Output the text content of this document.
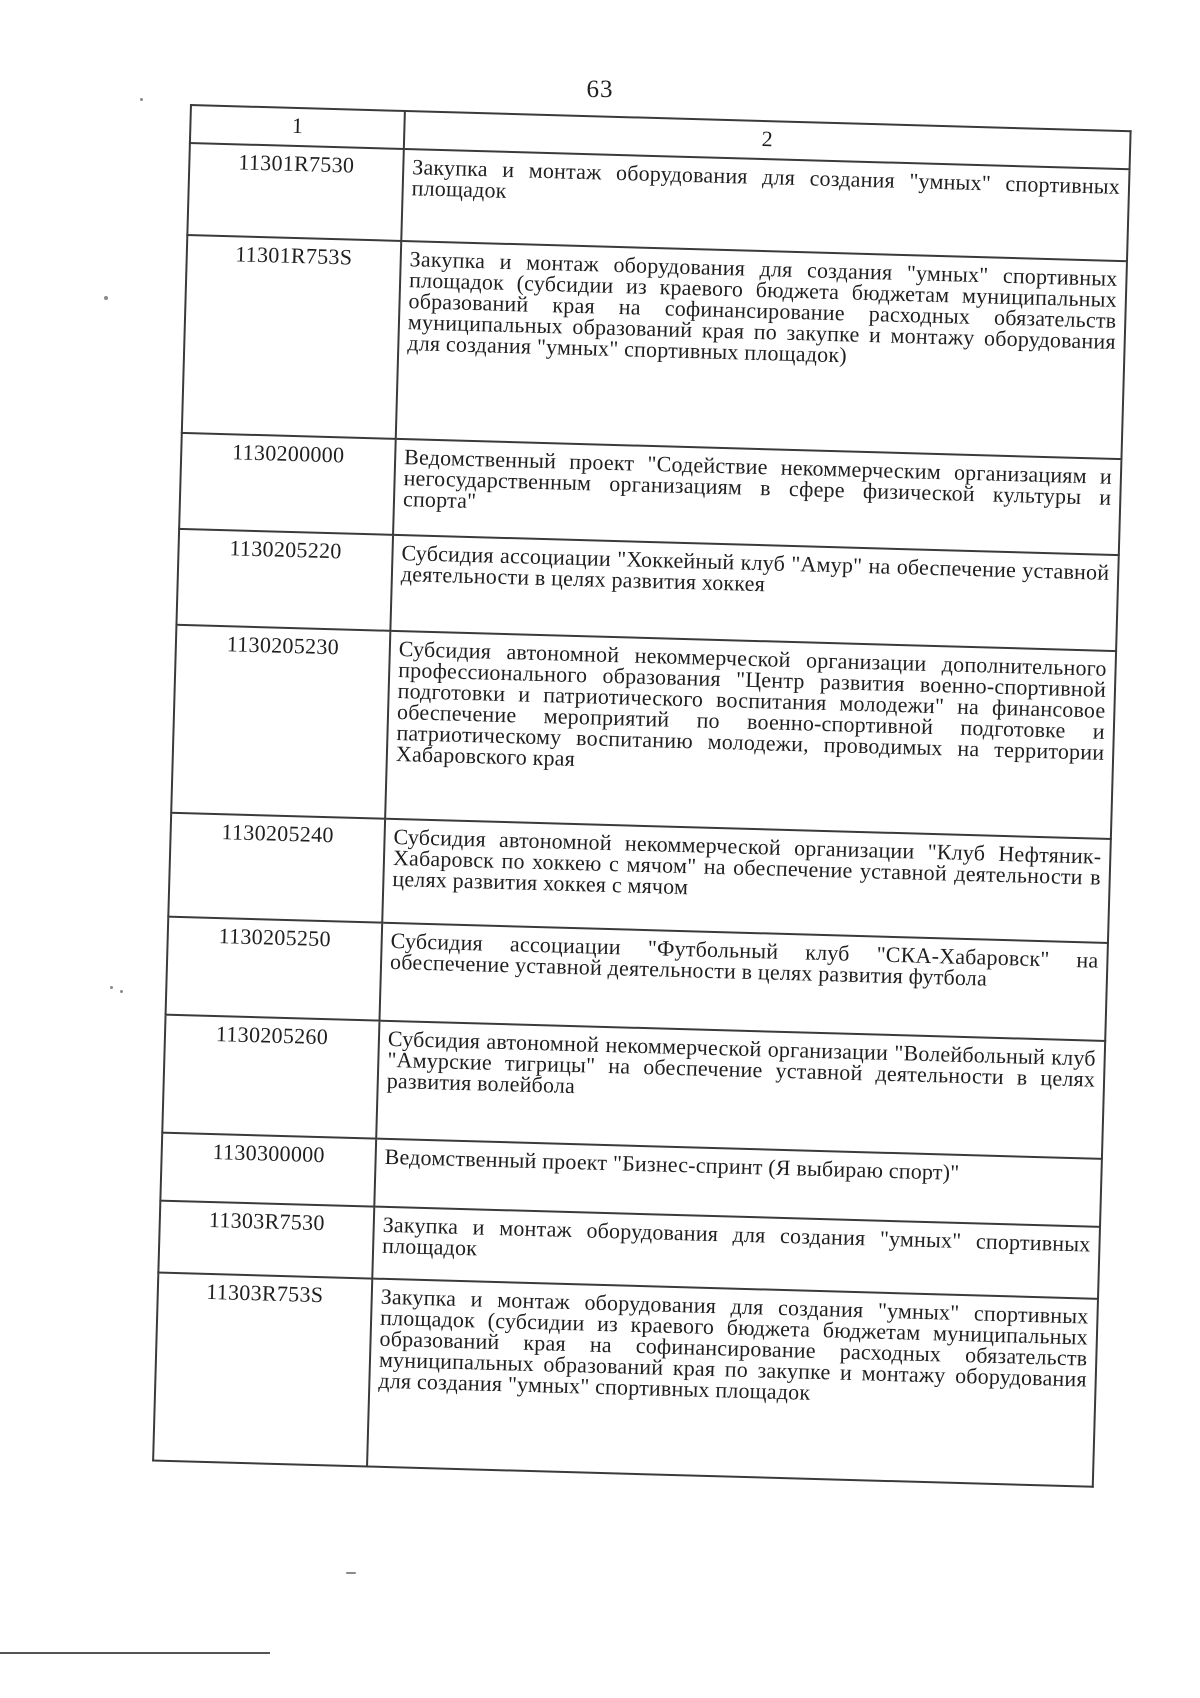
63
1	2
11301R7530	Закупка и монтаж оборудования для создания "умных" спортивных площадок
11301R753S	Закупка и монтаж оборудования для создания "умных" спортивных площадок (субсидии из краевого бюджета бюджетам муниципальных образований края на софинансирование расходных обязательств муниципальных образований края по закупке и монтажу оборудования для создания "умных" спортивных площадок)
1130200000	Ведомственный проект "Содействие некоммерческим организациям и негосударственным организациям в сфере физической культуры и спорта"
1130205220	Субсидия ассоциации "Хоккейный клуб "Амур" на обеспечение уставной деятельности в целях развития хоккея
1130205230	Субсидия автономной некоммерческой организации дополнительного профессионального образования "Центр развития военно-спортивной подготовки и патриотического воспитания молодежи" на финансовое обеспечение мероприятий по военно-спортивной подготовке и патриотическому воспитанию молодежи, проводимых на территории Хабаровского края
1130205240	Субсидия автономной некоммерческой организации "Клуб Нефтяник-Хабаровск по хоккею с мячом" на обеспечение уставной деятельности в целях развития хоккея с мячом
1130205250	Субсидия ассоциации "Футбольный клуб "СКА-Хабаровск" на обеспечение уставной деятельности в целях развития футбола
1130205260	Субсидия автономной некоммерческой организации "Волейбольный клуб "Амурские тигрицы" на обеспечение уставной деятельности в целях развития волейбола
1130300000	Ведомственный проект "Бизнес-спринт (Я выбираю спорт)"
11303R7530	Закупка и монтаж оборудования для создания "умных" спортивных площадок
11303R753S	Закупка и монтаж оборудования для создания "умных" спортивных площадок (субсидии из краевого бюджета бюджетам муниципальных образований края на софинансирование расходных обязательств муниципальных образований края по закупке и монтажу оборудования для создания "умных" спортивных площадок
